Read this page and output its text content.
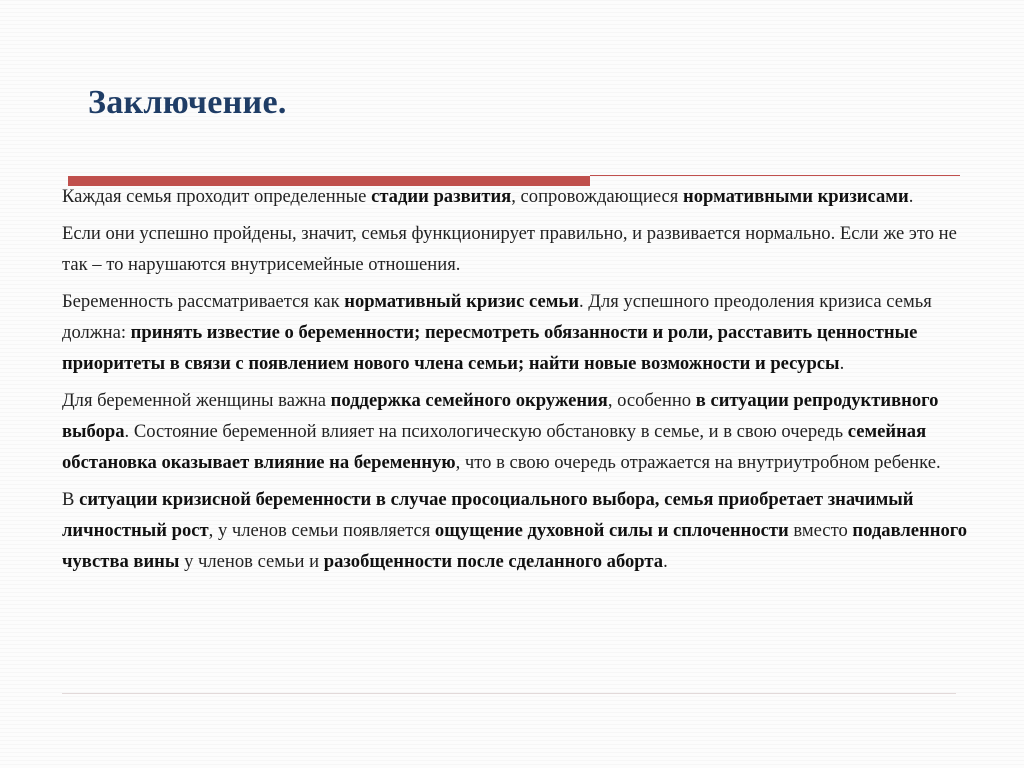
Заключение.

Каждая семья проходит определенные стадии развития, сопровождающиеся нормативными кризисами.

Если они успешно пройдены, значит, семья функционирует правильно, и развивается нормально. Если же это не так – то нарушаются внутрисемейные отношения.

Беременность рассматривается как нормативный кризис семьи. Для успешного преодоления кризиса семья должна: принять известие о беременности; пересмотреть обязанности и роли, расставить ценностные приоритеты в связи с появлением нового члена семьи; найти новые возможности и ресурсы.

Для беременной женщины важна поддержка семейного окружения, особенно в ситуации репродуктивного выбора. Состояние беременной влияет на психологическую обстановку в семье, и в свою очередь семейная обстановка оказывает влияние на беременную, что в свою очередь отражается на внутриутробном ребенке.

В ситуации кризисной беременности в случае просоциального выбора, семья приобретает значимый личностный рост, у членов семьи появляется ощущение духовной силы и сплоченности вместо подавленного чувства вины у членов семьи и разобщенности после сделанного аборта.
